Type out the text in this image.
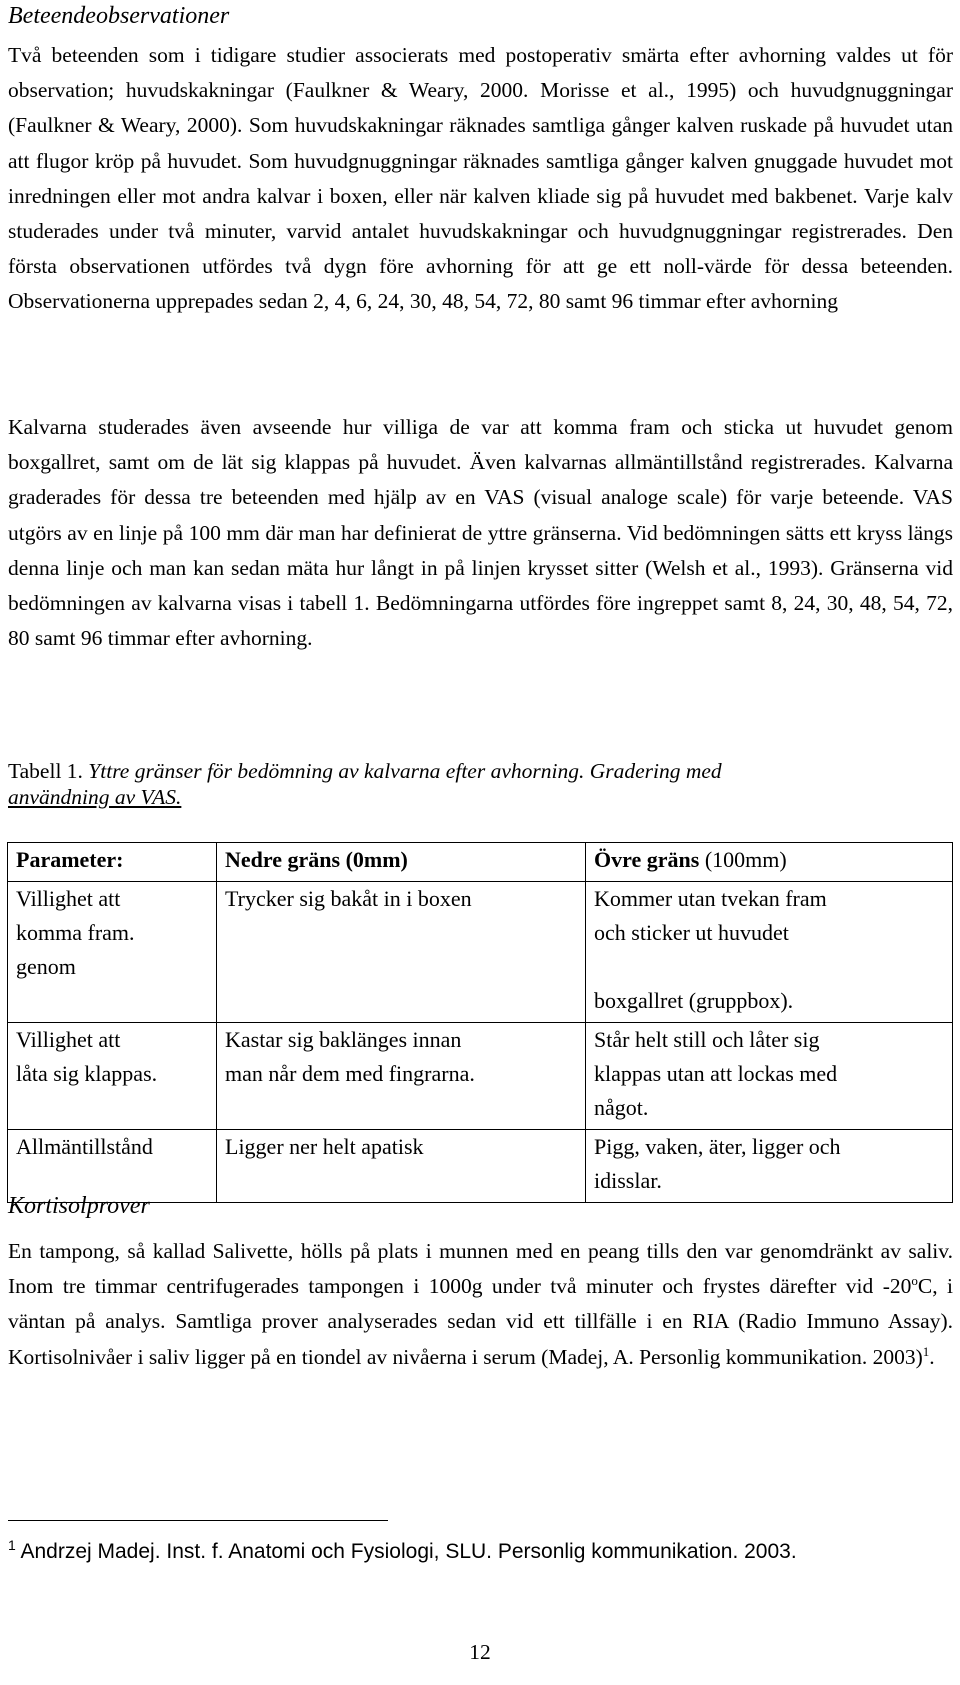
Beteendeobservationer

Två beteenden som i tidigare studier associerats med postoperativ smärta efter avhorning valdes ut för observation; huvudskakningar (Faulkner & Weary, 2000. Morisse et al., 1995) och huvudgnuggningar (Faulkner & Weary, 2000). Som huvudskakningar räknades samtliga gånger kalven ruskade på huvudet utan att flugor kröp på huvudet. Som huvudgnuggningar räknades samtliga gånger kalven gnuggade huvudet mot inredningen eller mot andra kalvar i boxen, eller när kalven kliade sig på huvudet med bakbenet. Varje kalv studerades under två minuter, varvid antalet huvudskakningar och huvudgnuggningar registrerades. Den första observationen utfördes två dygn före avhorning för att ge ett noll-värde för dessa beteenden. Observationerna upprepades sedan 2, 4, 6, 24, 30, 48, 54, 72, 80 samt 96 timmar efter avhorning

Kalvarna studerades även avseende hur villiga de var att komma fram och sticka ut huvudet genom boxgallret, samt om de lät sig klappas på huvudet. Även kalvarnas allmäntillstånd registrerades. Kalvarna graderades för dessa tre beteenden med hjälp av en VAS (visual analoge scale) för varje beteende. VAS utgörs av en linje på 100 mm där man har definierat de yttre gränserna. Vid bedömningen sätts ett kryss längs denna linje och man kan sedan mäta hur långt in på linjen krysset sitter (Welsh et al., 1993). Gränserna vid bedömningen av kalvarna visas i tabell 1. Bedömningarna utfördes före ingreppet samt 8, 24, 30, 48, 54, 72, 80 samt 96 timmar efter avhorning.

Tabell 1. Yttre gränser för bedömning av kalvarna efter avhorning. Gradering med
användning av VAS.
Parameter:	Nedre gräns (0mm)	Övre gräns (100mm)

Villighet att
komma fram.
genom	Trycker sig bakåt in i boxen	Kommer utan tvekan fram
och sticker ut huvudet
boxgallret (gruppbox).

Villighet att
låta sig klappas.	Kastar sig baklänges innan
man når dem med fingrarna.	Står helt still och låter sig
klappas utan att lockas med
något.

Allmäntillstånd	Ligger ner helt apatisk	Pigg, vaken, äter, ligger och
idisslar.
Kortisolprover

En tampong, så kallad Salivette, hölls på plats i munnen med en peang tills den var genomdränkt av saliv. Inom tre timmar centrifugerades tampongen i 1000g under två minuter och frystes därefter vid -20$^o$C, i väntan på analys. Samtliga prover analyserades sedan vid ett tillfälle i en RIA (Radio Immuno Assay). Kortisolnivåer i saliv ligger på en tiondel av nivåerna i serum (Madej, A. Personlig kommunikation. 2003)$^1$.

$^1$ Andrzej Madej. Inst. f. Anatomi och Fysiologi, SLU. Personlig kommunikation. 2003.
12
